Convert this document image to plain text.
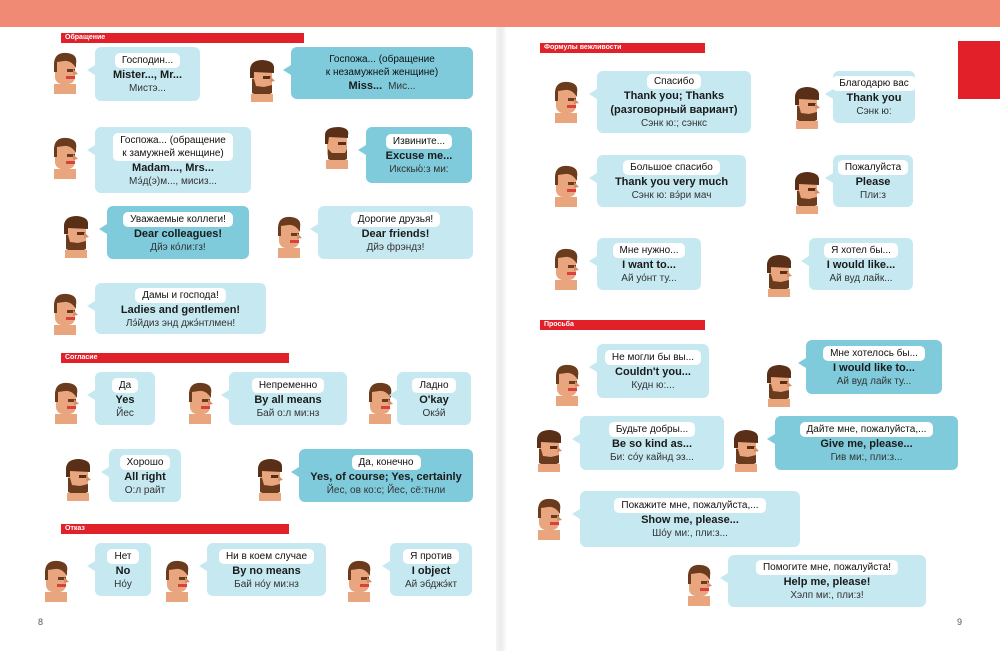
Обращение
Согласие
Отказ
Формулы вежливости
Просьба
8	9
Господин...
Mister..., Mr...
Мистэ...
Госпожа... (обращение
к незамужней женщине)
Miss... Мис...
Госпожа... (обращение
к замужней женщине)
Madam..., Mrs...
Мэ́д(э)м..., мисиз...
Извините...
Excuse me...
Икскью́:з ми:
Уважаемые коллеги!
Dear colleagues!
Дйэ ко́ли:гз!
Дорогие друзья!
Dear friends!
Дйэ фрэндз!
Дамы и господа!
Ladies and gentlemen!
Лэ́йдиз энд джэ́нтлмен!
Да
Yes
Йес
Непременно
By all means
Бай о:л ми:нз
Ладно
O'kay
Окэ́й
Хорошо
All right
О:л райт
Да, конечно
Yes, of course; Yes, certainly
Йес, ов ко:с; Йес, сё:тнли
Нет
No
Но́у
Ни в коем случае
By no means
Бай но́у ми:нз
Я против
I object
Ай эбджэ́кт
Спасибо
Thank you; Thanks
(разговорный вариант)
Сэнк ю:; сэнкс
Благодарю вас
Thank you
Сэнк ю:
Большое спасибо
Thank you very much
Сэнк ю: вэ́ри мач
Пожалуйста
Please
Пли:з
Мне нужно...
I want to...
Ай уо́нт ту...
Я хотел бы...
I would like...
Ай вуд лайк...
Не могли бы вы...
Couldn't you...
Кудн ю:...
Мне хотелось бы...
I would like to...
Ай вуд лайк ту...
Будьте добры...
Be so kind as...
Би: со́у кайнд эз...
Дайте мне, пожалуйста,...
Give me, please...
Гив ми:, пли:з...
Покажите мне, пожалуйста,...
Show me, please...
Шо́у ми:, пли:з...
Помогите мне, пожалуйста!
Help me, please!
Хэлп ми:, пли:з!
